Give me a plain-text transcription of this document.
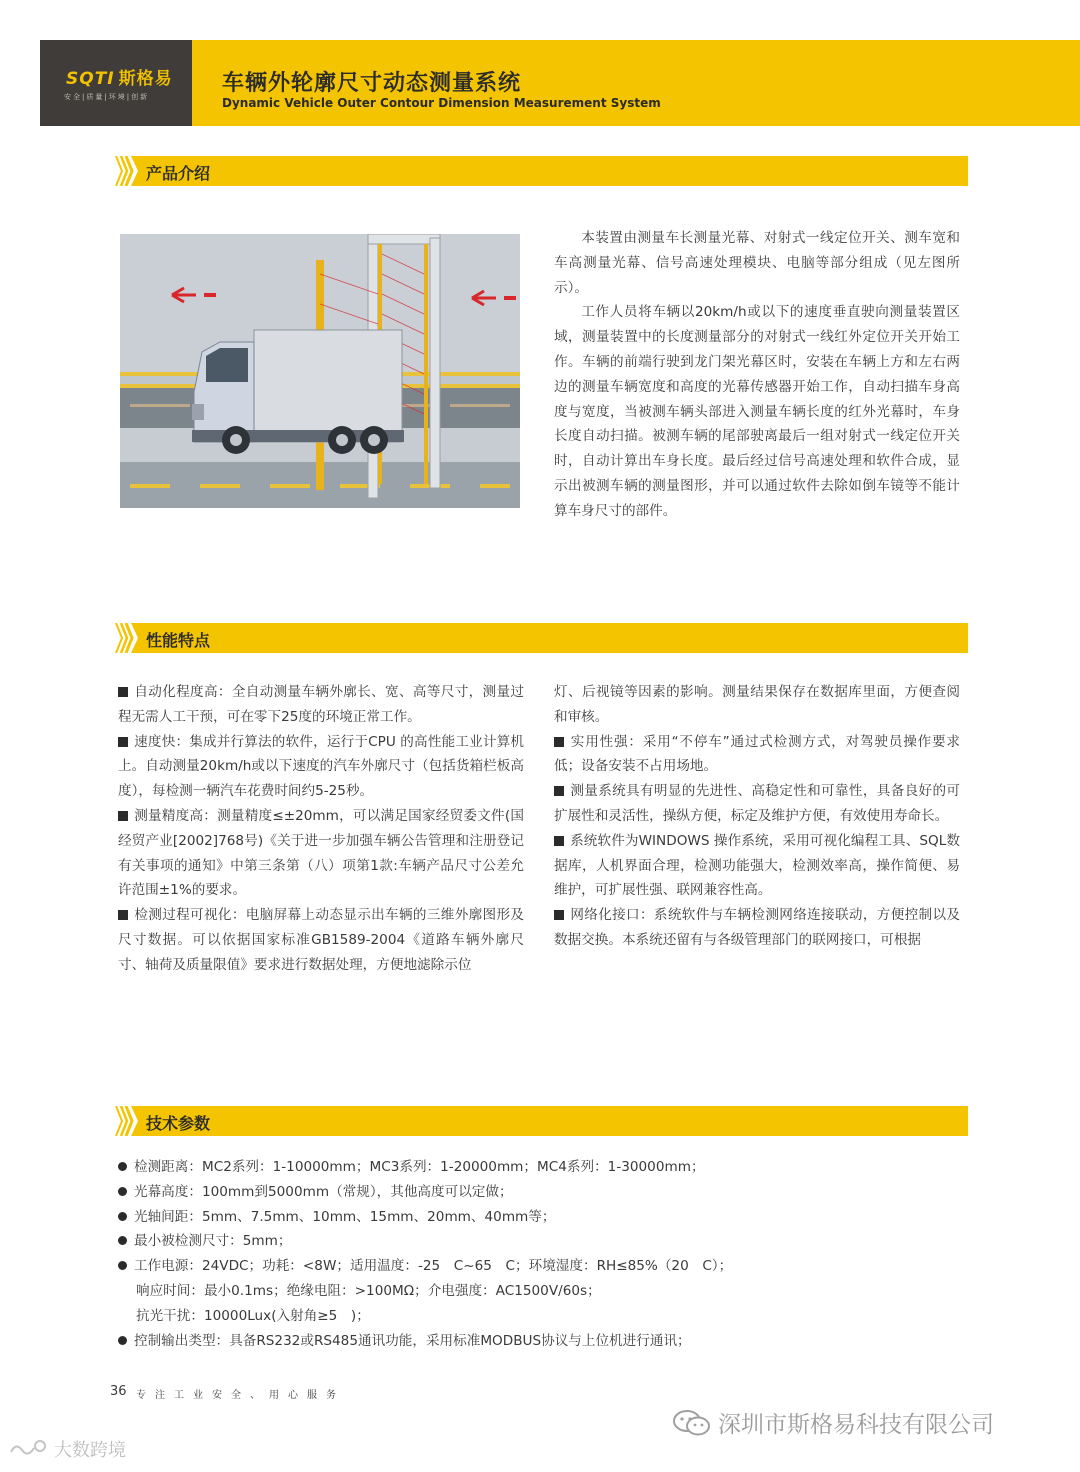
SQTI 斯格易
安全|质量|环境|创新
车辆外轮廓尺寸动态测量系统
Dynamic Vehicle Outer Contour Dimension Measurement System
产品介绍

本装置由测量车长测量光幕、对射式一线定位开关、测车宽和车高测量光幕、信号高速处理模块、电脑等部分组成（见左图所示）。

工作人员将车辆以20km/h或以下的速度垂直驶向测量装置区域，测量装置中的长度测量部分的对射式一线红外定位开关开始工作。车辆的前端行驶到龙门架光幕区时，安装在车辆上方和左右两边的测量车辆宽度和高度的光幕传感器开始工作，自动扫描车身高度与宽度，当被测车辆头部进入测量车辆长度的红外光幕时，车身长度自动扫描。被测车辆的尾部驶离最后一组对射式一线定位开关时，自动计算出车身长度。最后经过信号高速处理和软件合成，显示出被测车辆的测量图形，并可以通过软件去除如倒车镜等不能计算车身尺寸的部件。

性能特点

自动化程度高：全自动测量车辆外廓长、宽、高等尺寸，测量过程无需人工干预，可在零下25度的环境正常工作。

速度快：集成并行算法的软件，运行于CPU 的高性能工业计算机上。自动测量20km/h或以下速度的汽车外廓尺寸（包括货箱栏板高度），每检测一辆汽车花费时间约5-25秒。

测量精度高：测量精度≤±20mm，可以满足国家经贸委文件(国经贸产业[2002]768号)《关于进一步加强车辆公告管理和注册登记有关事项的通知》中第三条第（八）项第1款:车辆产品尺寸公差允许范围±1%的要求。

检测过程可视化：电脑屏幕上动态显示出车辆的三维外廓图形及尺寸数据。可以依据国家标准GB1589-2004《道路车辆外廓尺寸、轴荷及质量限值》要求进行数据处理，方便地滤除示位

灯、后视镜等因素的影响。测量结果保存在数据库里面，方便查阅和审核。

实用性强：采用“不停车”通过式检测方式，对驾驶员操作要求低；设备安装不占用场地。

测量系统具有明显的先进性、高稳定性和可靠性，具备良好的可扩展性和灵活性，操纵方便，标定及维护方便，有效使用寿命长。

系统软件为WINDOWS 操作系统，采用可视化编程工具、SQL数据库，人机界面合理，检测功能强大，检测效率高，操作简便、易维护，可扩展性强、联网兼容性高。

网络化接口：系统软件与车辆检测网络连接联动，方便控制以及数据交换。本系统还留有与各级管理部门的联网接口，可根据

技术参数

检测距离：MC2系列：1-10000mm；MC3系列：1-20000mm；MC4系列：1-30000mm；

光幕高度：100mm到5000mm（常规），其他高度可以定做；

光轴间距：5mm、7.5mm、10mm、15mm、20mm、40mm等；

最小被检测尺寸：5mm；

工作电源：24VDC；功耗：<8W；适用温度：-25　C~65　C；环境湿度：RH≤85%（20　C）；

响应时间：最小0.1ms；绝缘电阻：>100MΩ；介电强度：AC1500V/60s；

抗光干扰：10000Lux(入射角≥5　)；

控制输出类型：具备RS232或RS485通讯功能，采用标准MODBUS协议与上位机进行通讯；

36 专注工业安全、用心服务
深圳市斯格易科技有限公司
大数跨境
